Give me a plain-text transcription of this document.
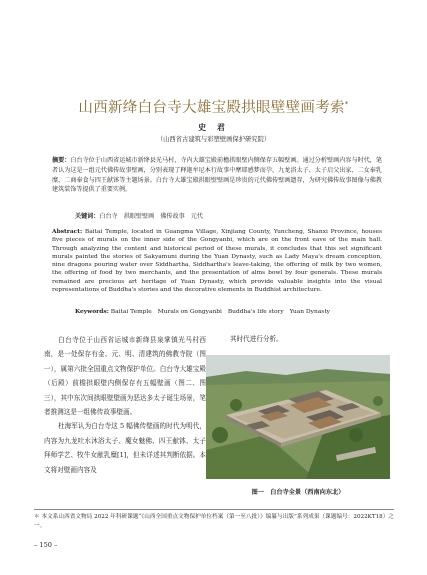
山西新绛白台寺大雄宝殿拱眼壁壁画考索*
史 君
（山西省古建筑与彩塑壁画保护研究院）
摘要：白台寺位于山西省运城市新绛县光马村，寺内大雄宝殿前檐拱眼壁内侧保存五幅壁画。通过分析壁画内容与时代，笔者认为这是一组元代佛传故事壁画，分别表现了释迦牟尼本行故事中摩耶感梦而孕、九龙浴太子、太子启父出家、二女奉乳糜、二商奉食与四王献钵等主题场景。白台寺大雄宝殿拱眼壁壁画是珍贵的元代佛传壁画遗存，为研究佛传故事图像与佛教建筑装饰等提供了重要实例。
关键词：白台寺　拱眼壁壁画　佛传故事　元代
Abstract: Baitai Temple, located in Guangma Village, Xinjiang County, Yuncheng, Shanxi Province, houses five pieces of murals on the inner side of the Gongyanbi, which are on the front eave of the main hall. Through analyzing the content and historical period of these murals, it concludes that this set significant murals painted the stories of Sakyamuni during the Yuan Dynasty, such as Lady Maya's dream conception, nine dragons pouring water over Siddhartha, Siddhartha's leave-taking, the offering of milk by two women, the offering of food by two merchants, and the presentation of alms bowl by four generals. These murals remained are precious art heritage of Yuan Dynasty, which provide valuable insights into the visual representations of Buddha's stories and the decorative elements in Buddhist architecture.
Keywords: Baitai Temple　Murals on Gongyanbi　Buddha's life story　Yuan Dynasty

白台寺位于山西省运城市新绛县泉掌镇光马村西南，是一处保存有金、元、明、清建筑的佛教寺院（图一），属第六批全国重点文物保护单位。白台寺大雄宝殿（后殿）前檐拱眼壁内侧保存有五幅壁画（图二、图三），其中东次间拱眼壁壁画为恶达多太子诞生场景，笔者推测这是一组佛传故事壁画。

杜海军认为白台寺这 5 幅佛传壁画的时代为明代，内容为九龙吐水沐浴太子、魔女魅佛、四王献钵、太子拜师学艺、牧牛女献乳糜[1]，但未详述其判断依据。本文将对壁画内容及

其时代进行分析。
图一　白台寺全景（西南向东北）
＊ 本文系山西省文物局 2022 年科研课题“《山西全国重点文物保护单位档案（第一至八批）》编纂与出版”系列成果（课题编号：2022KT18）之一。
– 150 –
